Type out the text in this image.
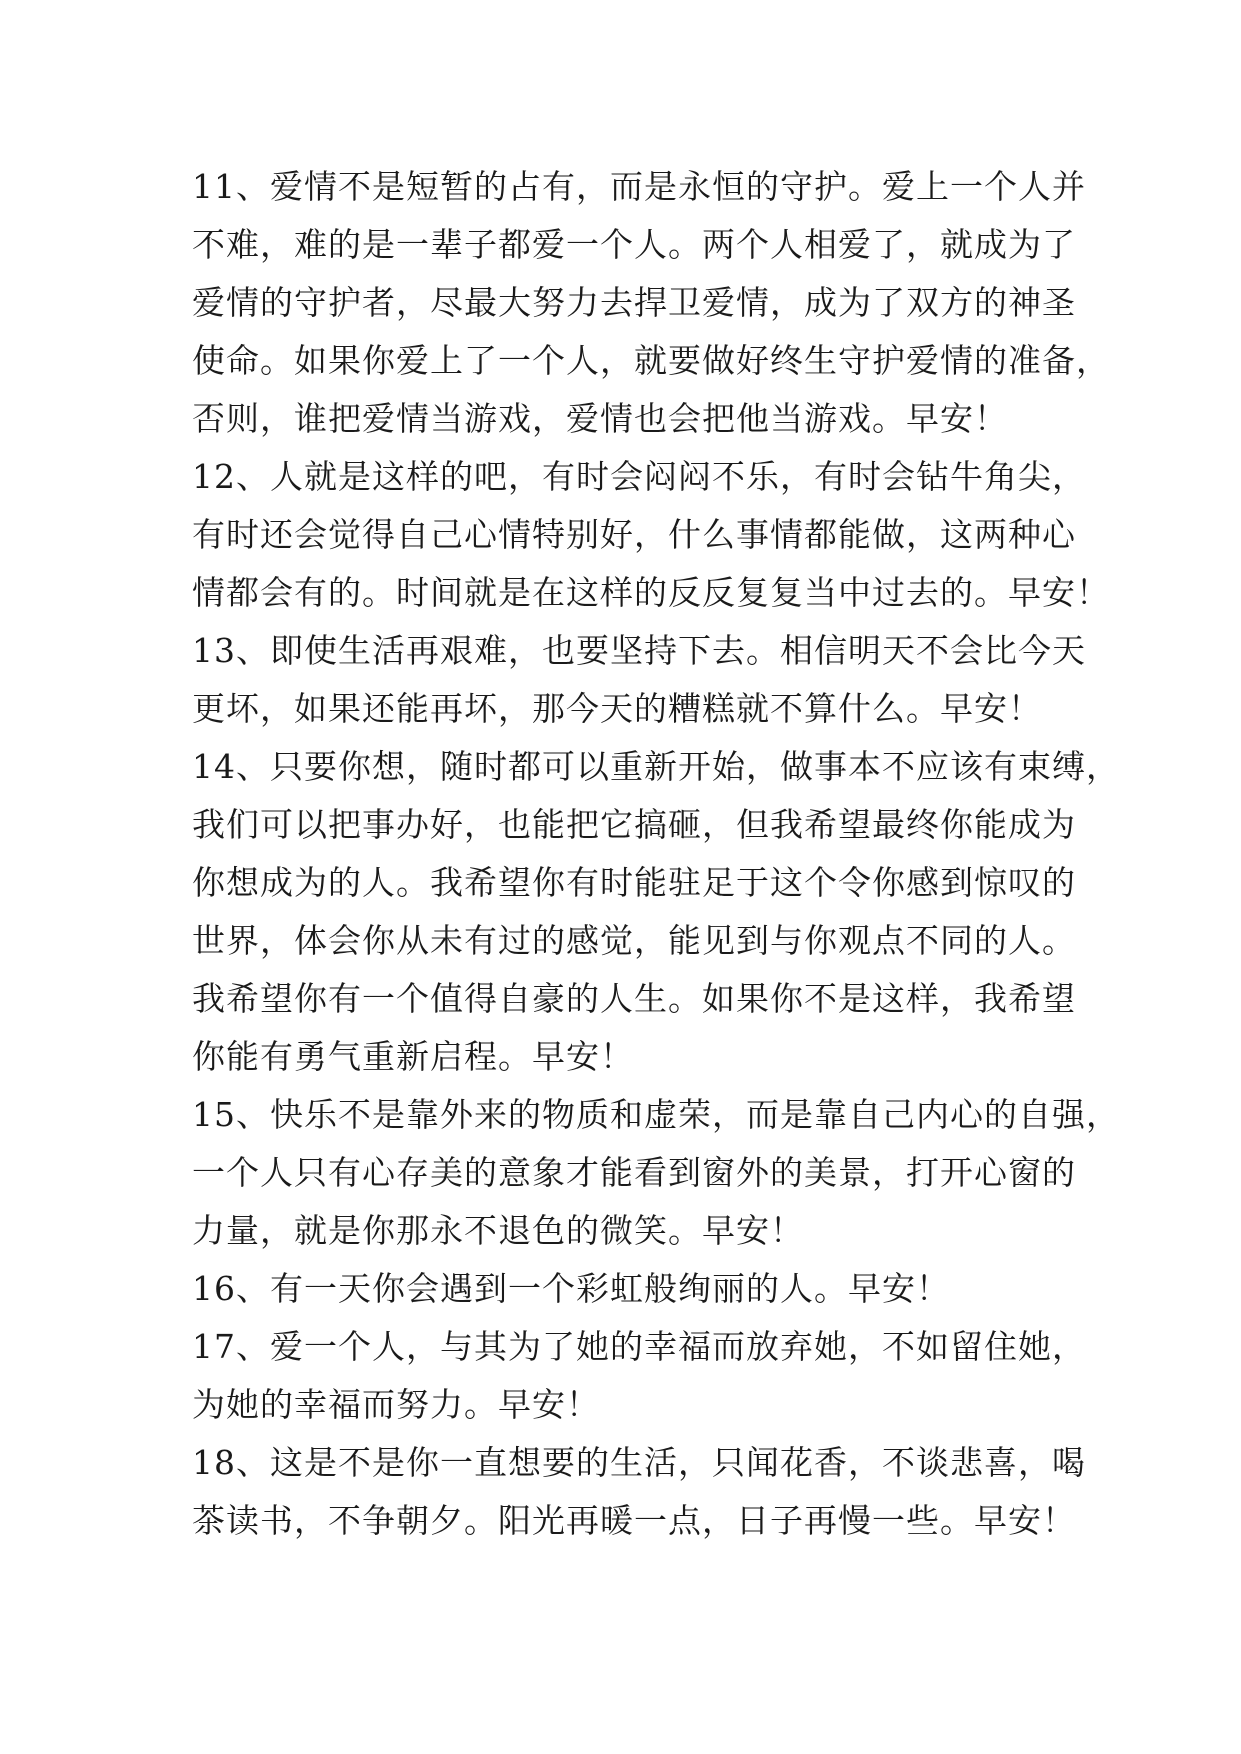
11、爱情不是短暂的占有，而是永恒的守护。爱上一个人并
不难，难的是一辈子都爱一个人。两个人相爱了，就成为了
爱情的守护者，尽最大努力去捍卫爱情，成为了双方的神圣
使命。如果你爱上了一个人，就要做好终生守护爱情的准备，
否则，谁把爱情当游戏，爱情也会把他当游戏。早安！
12、人就是这样的吧，有时会闷闷不乐，有时会钻牛角尖，
有时还会觉得自己心情特别好，什么事情都能做，这两种心
情都会有的。时间就是在这样的反反复复当中过去的。早安！
13、即使生活再艰难，也要坚持下去。相信明天不会比今天
更坏，如果还能再坏，那今天的糟糕就不算什么。早安！
14、只要你想，随时都可以重新开始，做事本不应该有束缚，
我们可以把事办好，也能把它搞砸，但我希望最终你能成为
你想成为的人。我希望你有时能驻足于这个令你感到惊叹的
世界，体会你从未有过的感觉，能见到与你观点不同的人。
我希望你有一个值得自豪的人生。如果你不是这样，我希望
你能有勇气重新启程。早安！
15、快乐不是靠外来的物质和虚荣，而是靠自己内心的自强，
一个人只有心存美的意象才能看到窗外的美景，打开心窗的
力量，就是你那永不退色的微笑。早安！
16、有一天你会遇到一个彩虹般绚丽的人。早安！
17、爱一个人，与其为了她的幸福而放弃她，不如留住她，
为她的幸福而努力。早安！
18、这是不是你一直想要的生活，只闻花香，不谈悲喜，喝
茶读书，不争朝夕。阳光再暖一点，日子再慢一些。早安！
